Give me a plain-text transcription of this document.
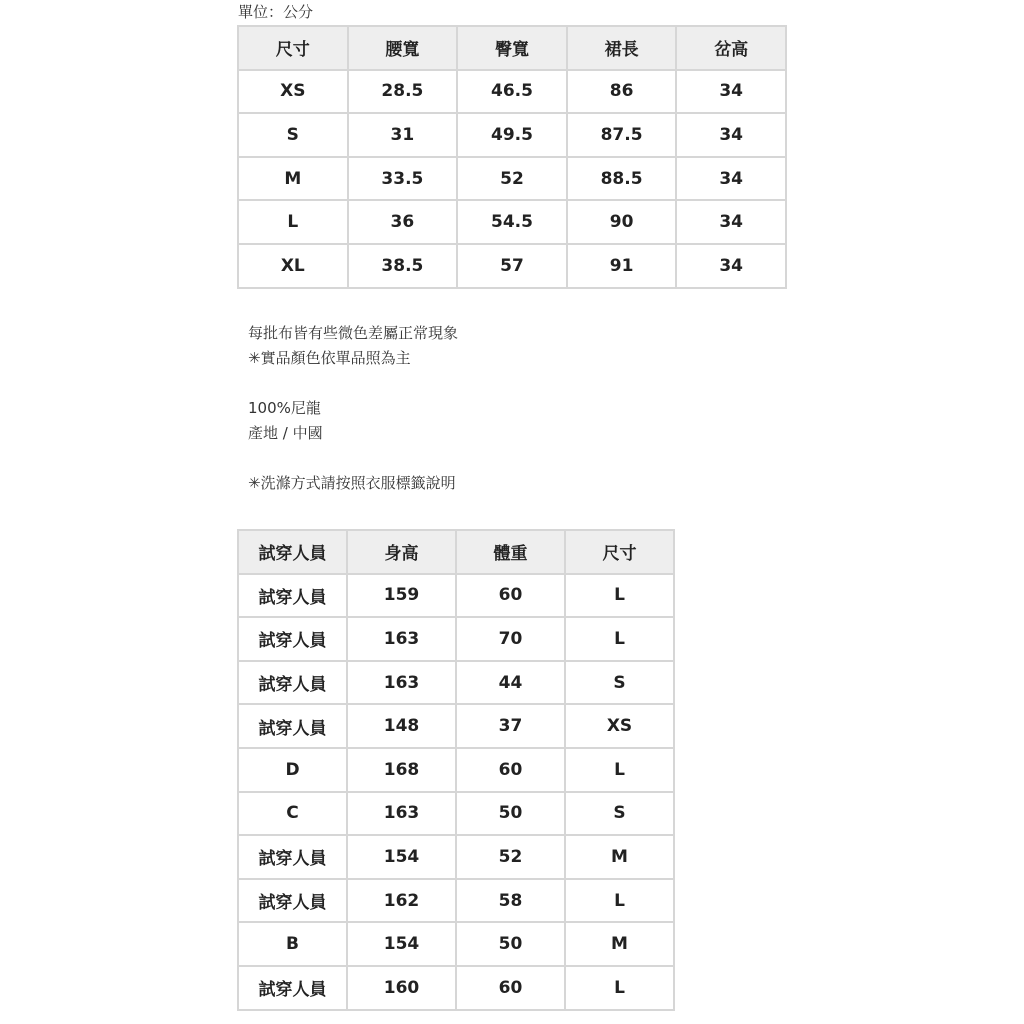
單位：公分
尺寸	腰寬	臀寬	裙長	岔高
XS	28.5	46.5	86	34
S	31	49.5	87.5	34
M	33.5	52	88.5	34
L	36	54.5	90	34
XL	38.5	57	91	34
每批布皆有些微色差屬正常現象
✳實品顏色依單品照為主
100%尼龍
產地 / 中國
✳洗滌方式請按照衣服標籤說明
試穿人員	身高	體重	尺寸
試穿人員	159	60	L
試穿人員	163	70	L
試穿人員	163	44	S
試穿人員	148	37	XS
D	168	60	L
C	163	50	S
試穿人員	154	52	M
試穿人員	162	58	L
B	154	50	M
試穿人員	160	60	L
